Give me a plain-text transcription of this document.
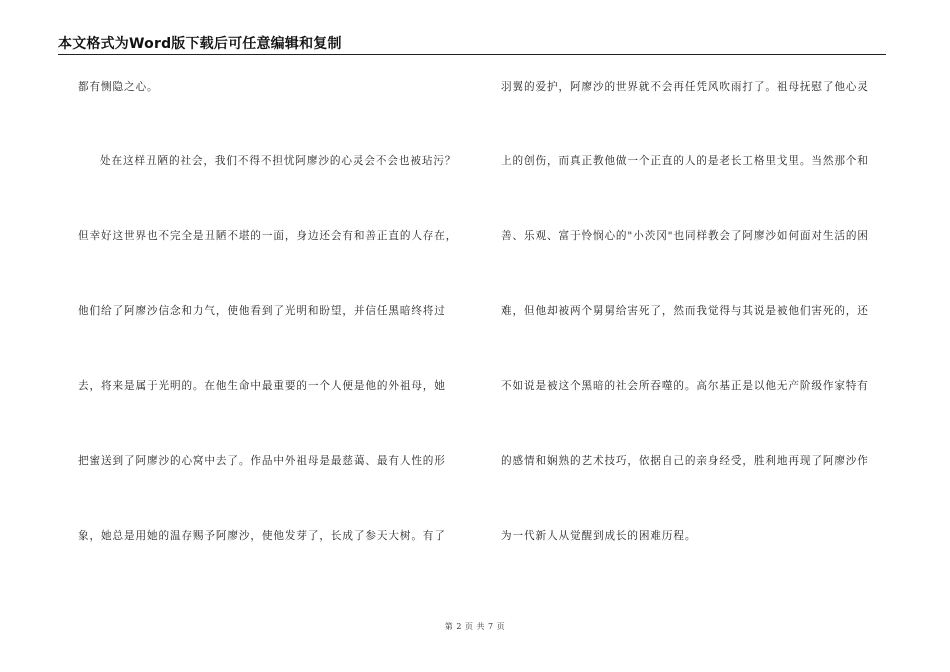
本文格式为Word版下载后可任意编辑和复制
都有恻隐之心。
处在这样丑陋的社会，我们不得不担忧阿廖沙的心灵会不会也被玷污？
但幸好这世界也不完全是丑陋不堪的一面，身边还会有和善正直的人存在，
他们给了阿廖沙信念和力气，使他看到了光明和盼望，并信任黑暗终将过
去，将来是属于光明的。在他生命中最重要的一个人便是他的外祖母，她
把蜜送到了阿廖沙的心窝中去了。作品中外祖母是最慈蔼、最有人性的形
象，她总是用她的温存赐予阿廖沙，使他发芽了，长成了参天大树。有了
羽翼的爱护，阿廖沙的世界就不会再任凭风吹雨打了。祖母抚慰了他心灵
上的创伤，而真正教他做一个正直的人的是老长工格里戈里。当然那个和
善、乐观、富于怜悯心的"小茨冈"也同样教会了阿廖沙如何面对生活的困
难，但他却被两个舅舅给害死了，然而我觉得与其说是被他们害死的，还
不如说是被这个黑暗的社会所吞噬的。高尔基正是以他无产阶级作家特有
的感情和娴熟的艺术技巧，依据自己的亲身经受，胜利地再现了阿廖沙作
为一代新人从觉醒到成长的困难历程。
第 2 页 共 7 页
